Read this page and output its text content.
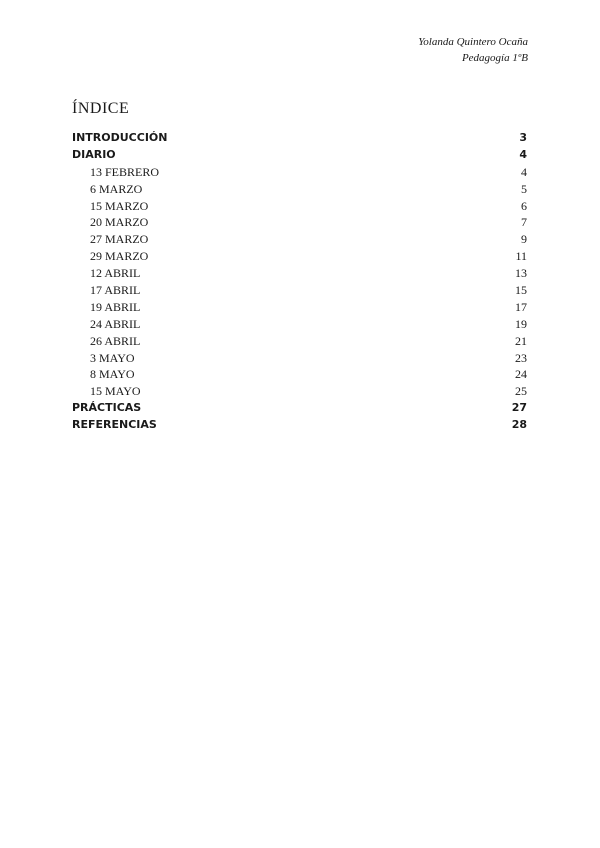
Yolanda Quintero Ocaña
Pedagogía 1ºB
ÍNDICE
INTRODUCCIÓN	3
DIARIO	4
13 FEBRERO	4
6 MARZO	5
15 MARZO	6
20 MARZO	7
27 MARZO	9
29 MARZO	11
12 ABRIL	13
17 ABRIL	15
19 ABRIL	17
24 ABRIL	19
26 ABRIL	21
3 MAYO	23
8 MAYO	24
15 MAYO	25
PRÁCTICAS	27
REFERENCIAS	28
